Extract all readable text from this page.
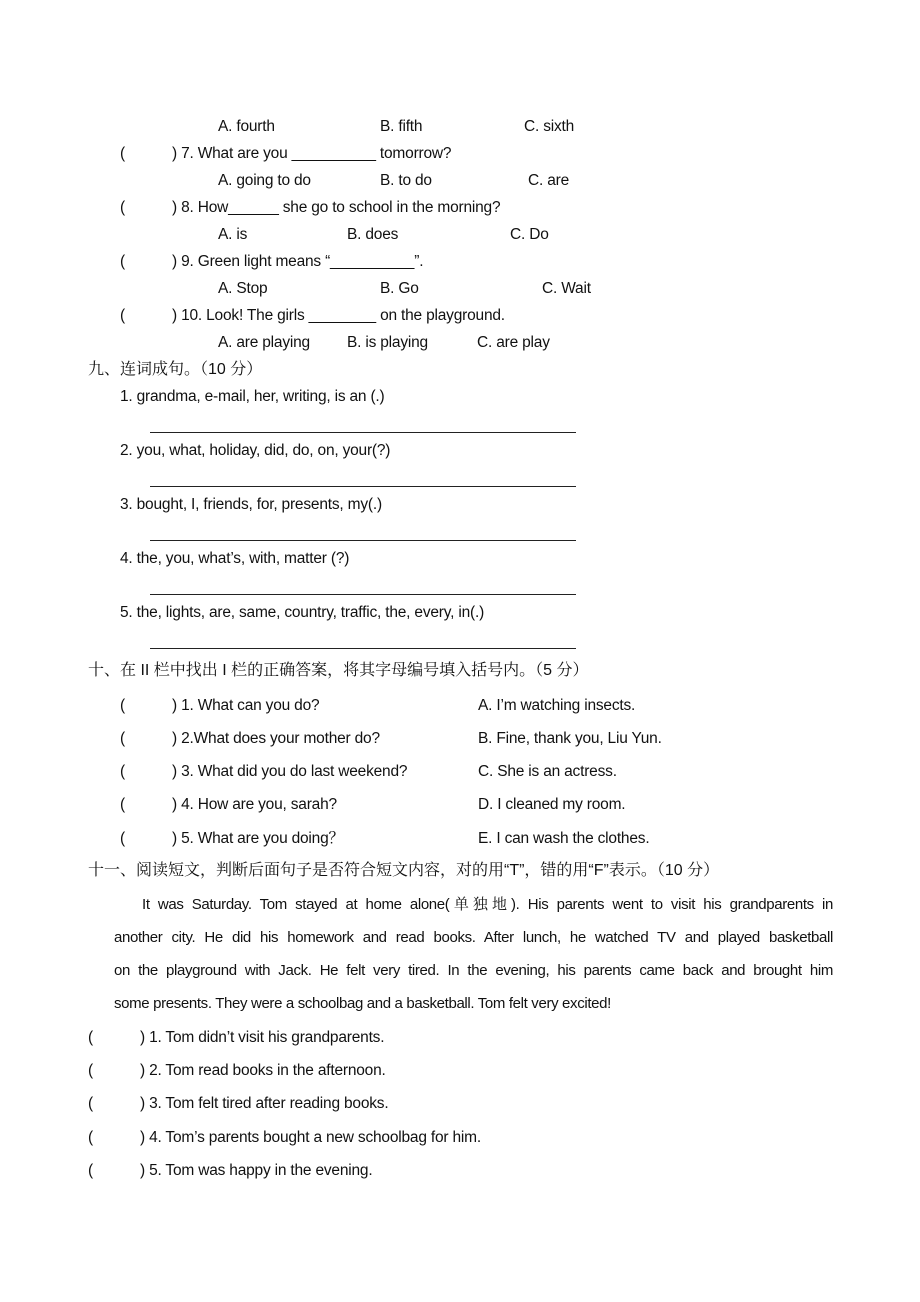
A. fourth	B. fifth	C. sixth
(	) 7. What are you __________ tomorrow?
A. going to do	B. to do	C. are
(	) 8. How______ she go to school in the morning?
A. is	B. does	C. Do
(	) 9. Green light means “__________”.
A. Stop	B. Go	C. Wait
(	) 10. Look! The girls ________ on the playground.
A. are playing B. is playing	C. are play
九、连词成句。（10 分）
1. grandma, e-mail, her, writing, is an (.)
2. you, what, holiday, did, do, on, your(?)
3. bought, I, friends, for, presents, my(.)
4. the, you, what’s, with, matter (?)
5. the, lights, are, same, country, traffic, the, every, in(.)
十、在 II 栏中找出 I 栏的正确答案，将其字母编号填入括号内。（5 分）
(	) 1. What can you do?	A. I’m watching insects.
(	) 2.What does your mother do?	B. Fine, thank you, Liu Yun.
(	) 3. What did you do last weekend?	C. She is an actress.
(	) 4. How are you, sarah?	D. I cleaned my room.
(	) 5. What are you doing？	E. I can wash the clothes.
十一、阅读短文，判断后面句子是否符合短文内容，对的用“T”，错的用“F”表示。（10 分）
It was Saturday. Tom stayed at home alone(单独地). His parents went to visit his grandparents in
another city. He did his homework and read books. After lunch, he watched TV and played basketball
on the playground with Jack. He felt very tired. In the evening, his parents came back and brought him
some presents. They were a schoolbag and a basketball. Tom felt very excited!
(	) 1. Tom didn’t visit his grandparents.
(	) 2. Tom read books in the afternoon.
(	) 3. Tom felt tired after reading books.
(	) 4. Tom’s parents bought a new schoolbag for him.
(	) 5. Tom was happy in the evening.
